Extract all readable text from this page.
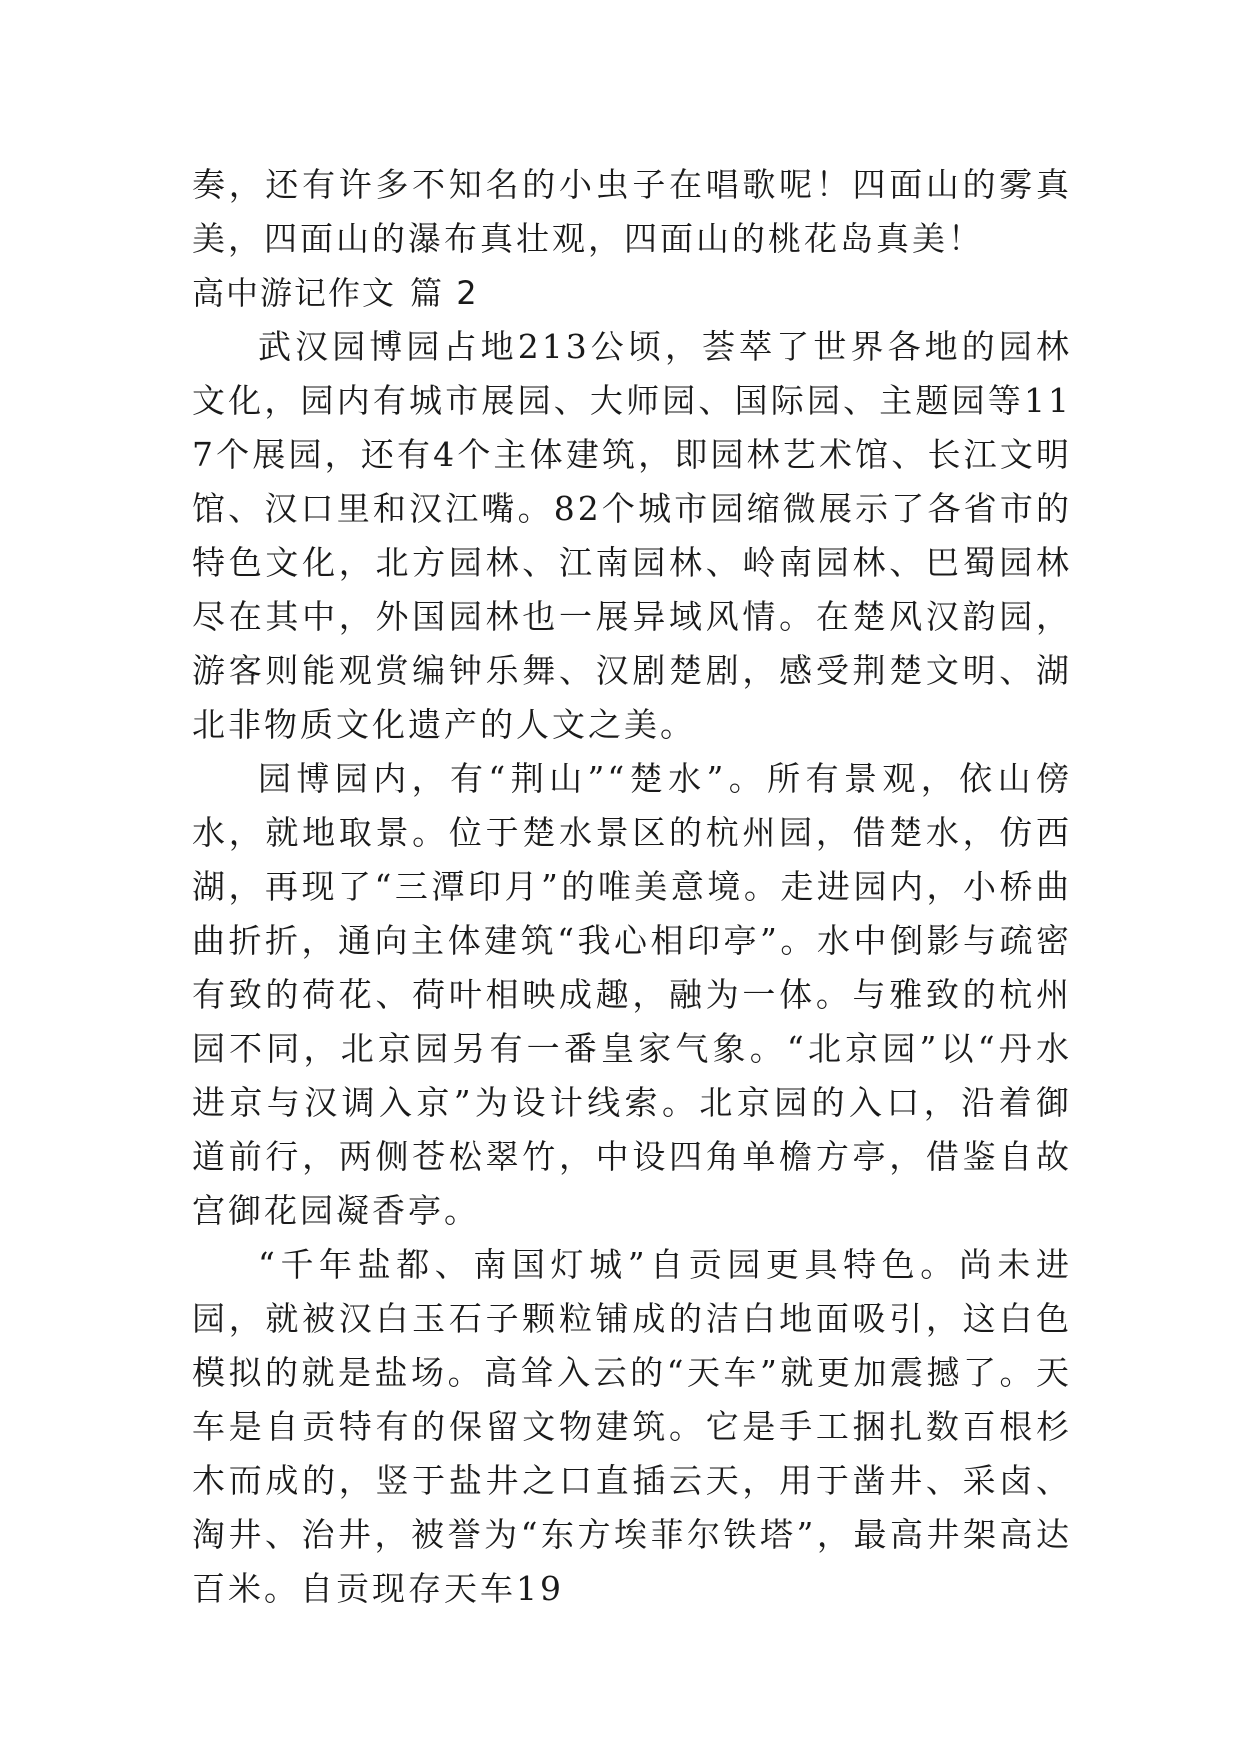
奏，还有许多不知名的小虫子在唱歌呢！四面山的雾真美，四面山的瀑布真壮观，四面山的桃花岛真美！

高中游记作文 篇 2

武汉园博园占地213公顷，荟萃了世界各地的园林文化，园内有城市展园、大师园、国际园、主题园等117个展园，还有4个主体建筑，即园林艺术馆、长江文明馆、汉口里和汉江嘴。82个城市园缩微展示了各省市的特色文化，北方园林、江南园林、岭南园林、巴蜀园林尽在其中，外国园林也一展异域风情。在楚风汉韵园，游客则能观赏编钟乐舞、汉剧楚剧，感受荆楚文明、湖北非物质文化遗产的人文之美。

园博园内，有“荆山”“楚水”。所有景观，依山傍水，就地取景。位于楚水景区的杭州园，借楚水，仿西湖，再现了“三潭印月”的唯美意境。走进园内，小桥曲曲折折，通向主体建筑“我心相印亭”。水中倒影与疏密有致的荷花、荷叶相映成趣，融为一体。与雅致的杭州园不同，北京园另有一番皇家气象。“北京园”以“丹水进京与汉调入京”为设计线索。北京园的入口，沿着御道前行，两侧苍松翠竹，中设四角单檐方亭，借鉴自故宫御花园凝香亭。

“千年盐都、南国灯城”自贡园更具特色。尚未进园，就被汉白玉石子颗粒铺成的洁白地面吸引，这白色模拟的就是盐场。高耸入云的“天车”就更加震撼了。天车是自贡特有的保留文物建筑。它是手工捆扎数百根杉木而成的，竖于盐井之口直插云天，用于凿井、采卤、淘井、治井，被誉为“东方埃菲尔铁塔”，最高井架高达百米。自贡现存天车19
